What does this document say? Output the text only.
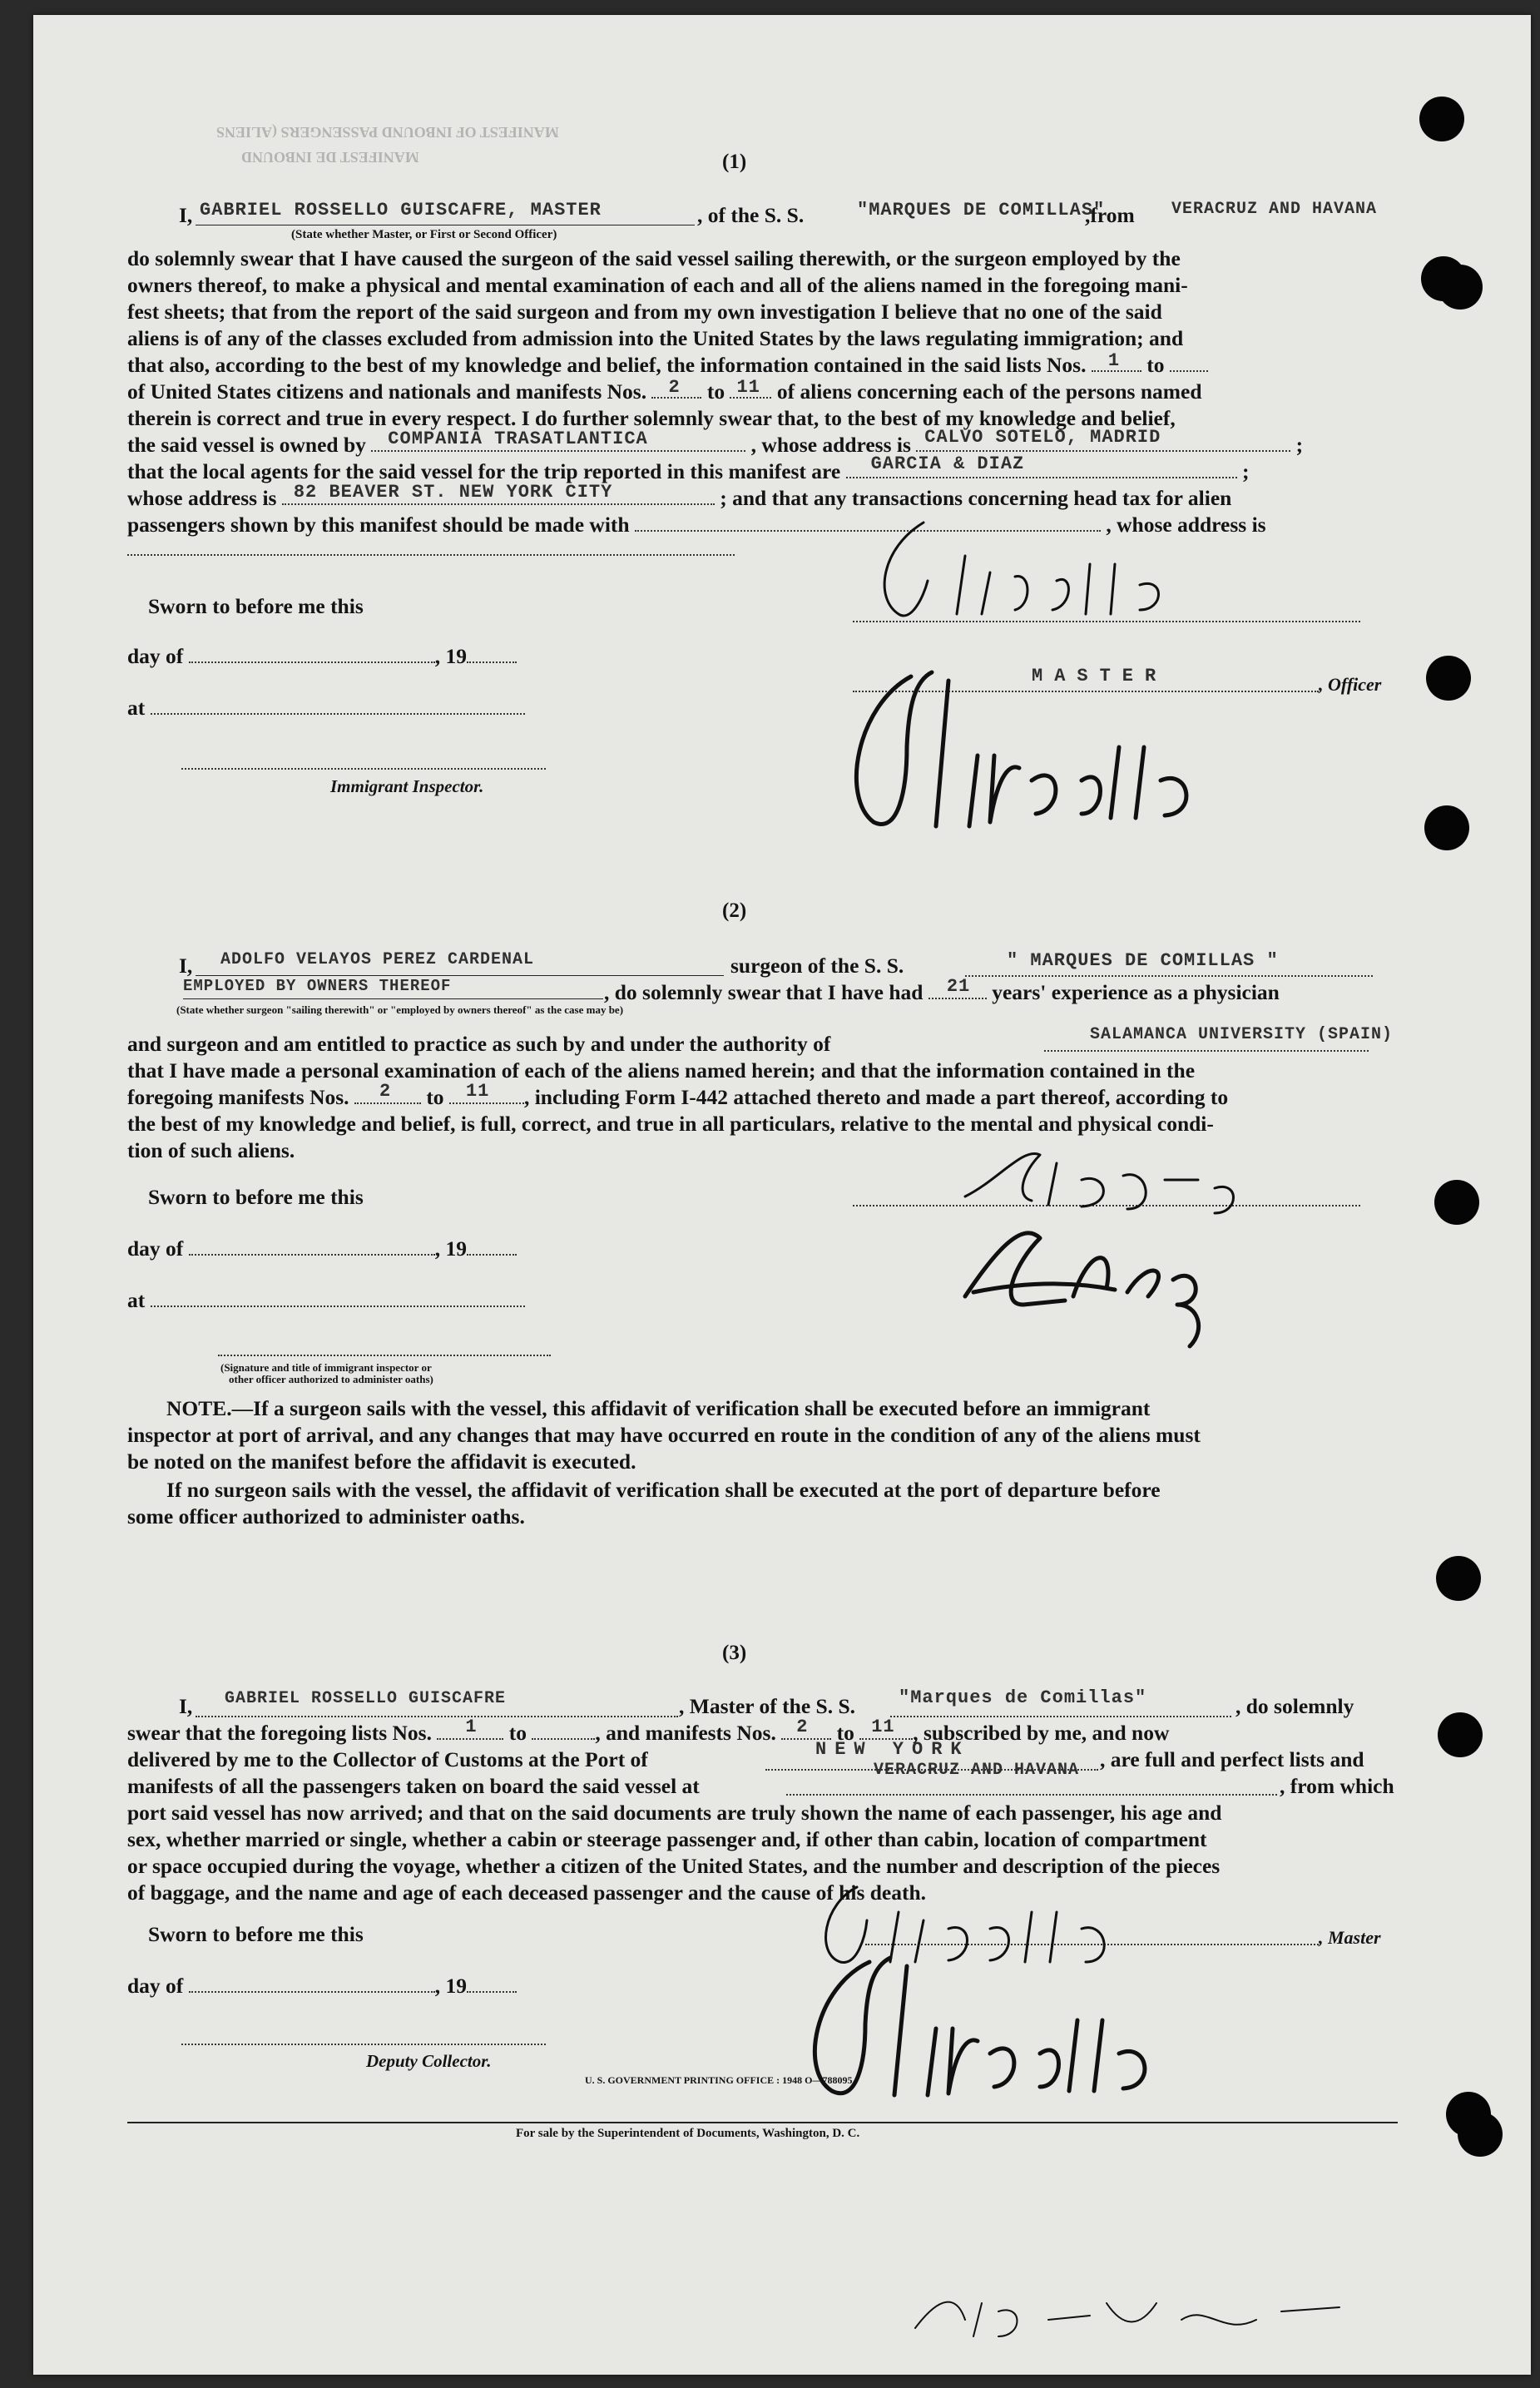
MANIFEST OF INBOUND PASSENGERS (ALIENS
MANIFEST DE INBOUND	(1)
I, GABRIEL ROSSELLO GUISCAFRE, MASTER	, of the S. S.	"MARQUES DE COMILLAS"
,from VERACRUZ AND HAVANA
(State whether Master, or First or Second Officer)
do solemnly swear that I have caused the surgeon of the said vessel sailing therewith, or the surgeon employed by the
owners thereof, to make a physical and mental examination of each and all of the aliens named in the foregoing mani-
fest sheets; that from the report of the said surgeon and from my own investigation I believe that no one of the said
aliens is of any of the classes excluded from admission into the United States by the laws regulating immigration; and
that also, according to the best of my knowledge and belief, the information contained in the said lists Nos. 1 to
of United States citizens and nationals and manifests Nos. 2 to 11 of aliens concerning each of the persons named
therein is correct and true in every respect. I do further solemnly swear that, to the best of my knowledge and belief,
the said vessel is owned by COMPANIA TRASATLANTICA	, whose address is CALVO SOTELO, MADRID	;
that the local agents for the said vessel for the trip reported in this manifest are GARCIA & DIAZ	;
whose address is 82 BEAVER ST. NEW YORK CITY	; and that any transactions concerning head tax for alien
passengers shown by this manifest should be made with	, whose address is
Sworn to before me this
day of	, 19
at
MASTER	, Officer
Immigrant Inspector.
(2)
I, ADOLFO VELAYOS PEREZ CARDENAL	surgeon of the S. S.	" MARQUES DE COMILLAS "
EMPLOYED BY OWNERS THEREOF	, do solemnly swear that I have had 21 years' experience as a physician
(State whether surgeon "sailing therewith" or "employed by owners thereof" as the case may be)
and surgeon and am entitled to practice as such by and under the authority of	SALAMANCA UNIVERSITY (SPAIN)
that I have made a personal examination of each of the aliens named herein; and that the information contained in the
foregoing manifests Nos. 2 to 11 , including Form I-442 attached thereto and made a part thereof, according to
the best of my knowledge and belief, is full, correct, and true in all particulars, relative to the mental and physical condi-
tion of such aliens.
Sworn to before me this
day of	, 19
at
(Signature and title of immigrant inspector or
other officer authorized to administer oaths)
NOTE.—If a surgeon sails with the vessel, this affidavit of verification shall be executed before an immigrant
inspector at port of arrival, and any changes that may have occurred en route in the condition of any of the aliens must
be noted on the manifest before the affidavit is executed.
If no surgeon sails with the vessel, the affidavit of verification shall be executed at the port of departure before
some officer authorized to administer oaths.
(3)
I, GABRIEL ROSSELLO GUISCAFRE	, Master of the S. S. "Marques de Comillas"	, do solemnly
swear that the foregoing lists Nos. 1 to	, and manifests Nos. 2 to 11 , subscribed by me, and now
delivered by me to the Collector of Customs at the Port of	NEW YORK	, are full and perfect lists and
manifests of all the passengers taken on board the said vessel at
VERACRUZ AND HAVANA
, from which
port said vessel has now arrived; and that on the said documents are truly shown the name of each passenger, his age and
sex, whether married or single, whether a cabin or steerage passenger and, if other than cabin, location of compartment
or space occupied during the voyage, whether a citizen of the United States, and the number and description of the pieces
of baggage, and the name and age of each deceased passenger and the cause of his death.
Sworn to before me this	, Master
day of	, 19
Deputy Collector.
U. S. GOVERNMENT PRINTING OFFICE : 1948 O—788095
For sale by the Superintendent of Documents, Washington, D. C.
